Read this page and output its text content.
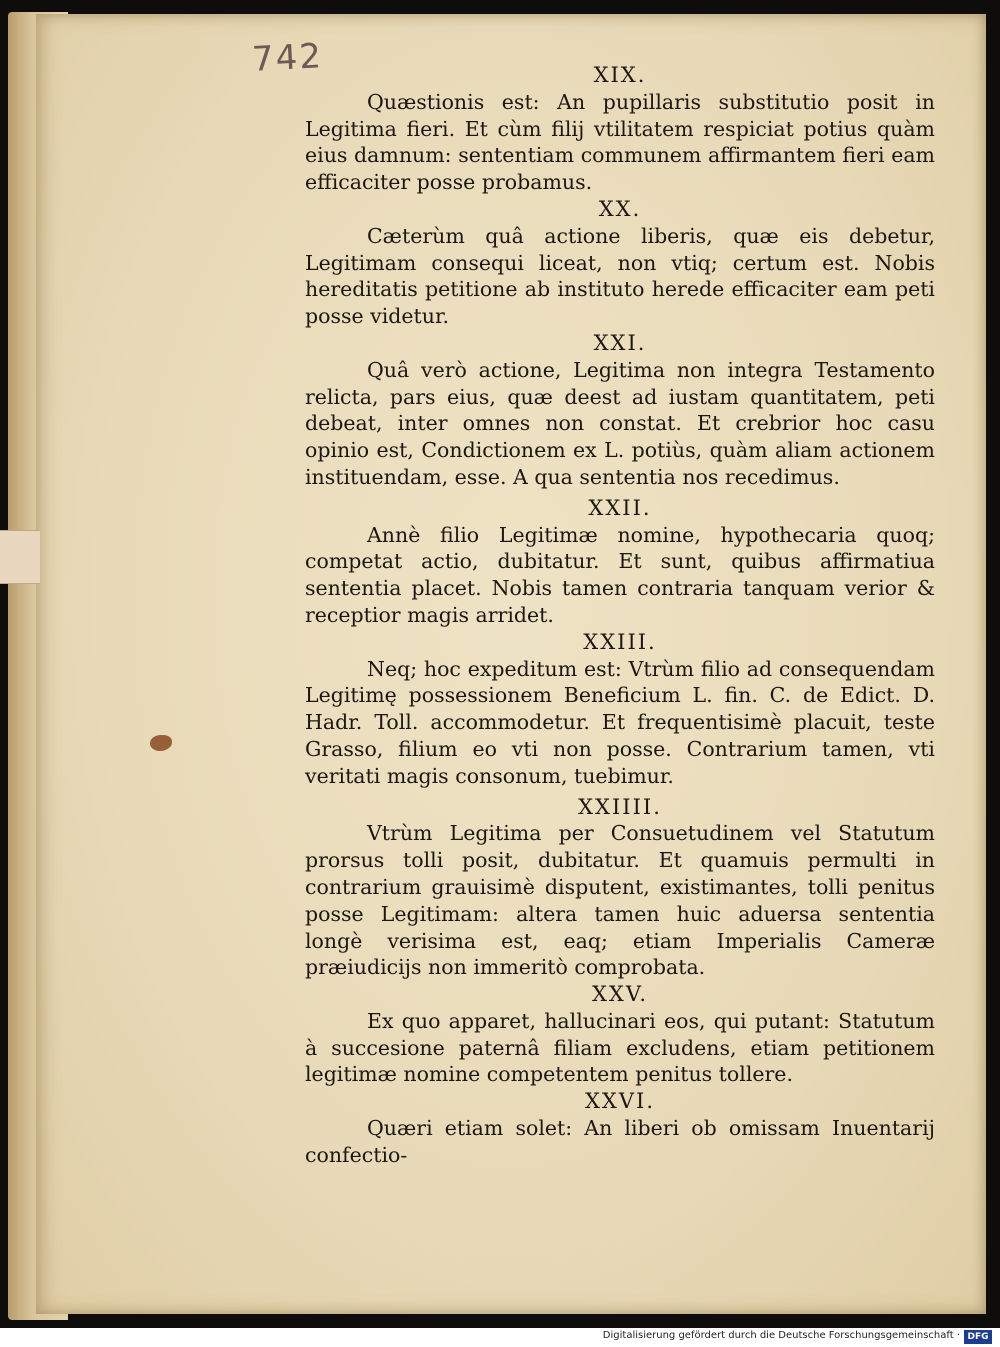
742	XIX.

Quæstionis est: An pupillaris substitutio posit in Legitima fieri. Et cùm filij vtilitatem respiciat potius quàm eius damnum: sententiam communem affirmantem fieri eam efficaciter posse probamus.

XX.

Cæterùm quâ actione liberis, quæ eis debetur, Legitimam consequi liceat, non vtiq; certum est. Nobis hereditatis petitione ab instituto herede efficaciter eam peti posse videtur.

XXI.

Quâ verò actione, Legitima non integra Testamento relicta, pars eius, quæ deest ad iustam quantitatem, peti debeat, inter omnes non constat. Et crebrior hoc casu opinio est, Condictionem ex L. potiùs, quàm aliam actionem instituendam, esse. A qua sententia nos recedimus.

XXII.

Annè filio Legitimæ nomine, hypothecaria quoq; competat actio, dubitatur. Et sunt, quibus affirmatiua sententia placet. Nobis tamen contraria tanquam verior & receptior magis arridet.

XXIII.

Neq; hoc expeditum est: Vtrùm filio ad consequendam Legitimę possessionem Beneficium L. fin. C. de Edict. D. Hadr. Toll. accommodetur. Et frequentisimè placuit, teste Grasso, filium eo vti non posse. Contrarium tamen, vti veritati magis consonum, tuebimur.

XXIIII.

Vtrùm Legitima per Consuetudinem vel Statutum prorsus tolli posit, dubitatur. Et quamuis permulti in contrarium grauisimè disputent, existimantes, tolli penitus posse Legitimam: altera tamen huic aduersa sententia longè verisima est, eaq; etiam Imperialis Cameræ præiudicijs non immeritò comprobata.

XXV.

Ex quo apparet, hallucinari eos, qui putant: Statutum à succesione paternâ filiam excludens, etiam petitionem legitimæ nomine competentem penitus tollere.

XXVI.

Quæri etiam solet: An liberi ob omissam Inuentarij confectio-

Digitalisierung gefördert durch die Deutsche Forschungsgemeinschaft · DFG
